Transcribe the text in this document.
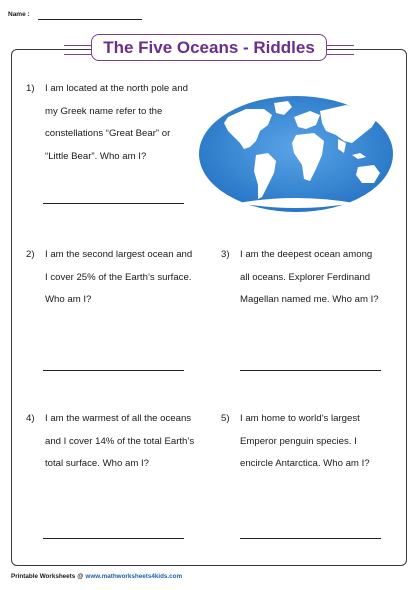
Name :
The Five Oceans - Riddles
1) I am located at the north pole and
my Greek name refer to the
constellations “Great Bear” or
“Little Bear”. Who am I?
2) I am the second largest ocean and
I cover 25% of the Earth’s surface.
Who am I?
3) I am the deepest ocean among
all oceans. Explorer Ferdinand
Magellan named me. Who am I?
4) I am the warmest of all the oceans
and I cover 14% of the total Earth’s
total surface. Who am I?
5) I am home to world’s largest
Emperor penguin species. I
encircle Antarctica. Who am I?
Printable Worksheets @ www.mathworksheets4kids.com
